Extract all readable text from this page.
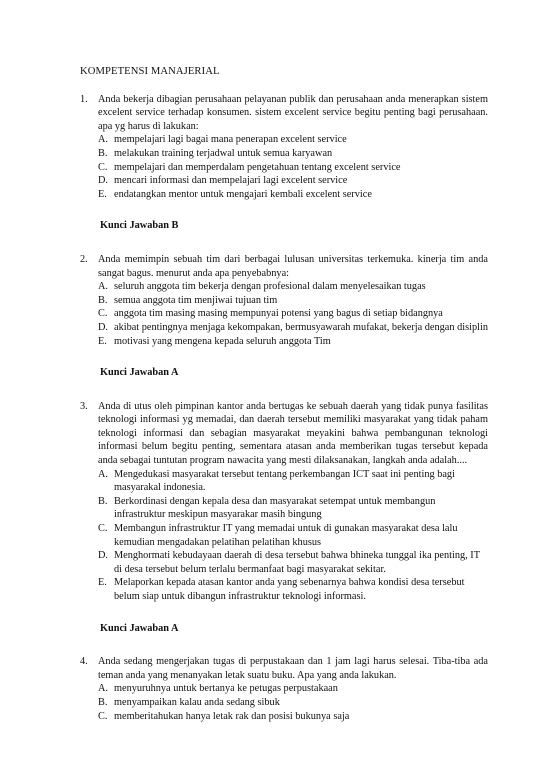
KOMPETENSI MANAJERIAL
1. Anda bekerja dibagian perusahaan pelayanan publik dan perusahaan anda menerapkan sistem excelent service terhadap konsumen. sistem excelent service begitu penting bagi perusahaan. apa yg harus di lakukan:
A. mempelajari lagi bagai mana penerapan excelent service
B. melakukan training terjadwal untuk semua karyawan
C. mempelajari dan memperdalam pengetahuan tentang excelent service
D. mencari informasi dan mempelajari lagi excelent service
E. endatangkan mentor untuk mengajari kembali excelent service
Kunci Jawaban B
2. Anda memimpin sebuah tim dari berbagai lulusan universitas terkemuka. kinerja tim anda sangat bagus. menurut anda apa penyebabnya:
A. seluruh anggota tim bekerja dengan profesional dalam menyelesaikan tugas
B. semua anggota tim menjiwai tujuan tim
C. anggota tim masing masing mempunyai potensi yang bagus di setiap bidangnya
D. akibat pentingnya menjaga kekompakan, bermusyawarah mufakat, bekerja dengan disiplin
E. motivasi yang mengena kepada seluruh anggota Tim
Kunci Jawaban A
3. Anda di utus oleh pimpinan kantor anda bertugas ke sebuah daerah yang tidak punya fasilitas teknologi informasi yg memadai, dan daerah tersebut memiliki masyarakat yang tidak paham teknologi informasi dan sebagian masyarakat meyakini bahwa pembangunan teknologi informasi belum begitu penting, sementara atasan anda memberikan tugas tersebut kepada anda sebagai tuntutan program nawacita yang mesti dilaksanakan, langkah anda adalah....
A. Mengedukasi masyarakat tersebut tentang perkembangan ICT saat ini penting bagi masyarakal indonesia.
B. Berkordinasi dengan kepala desa dan masyarakat setempat untuk membangun infrastruktur meskipun masyarakar masih bingung
C. Membangun infrastruktur IT yang memadai untuk di gunakan masyarakat desa lalu kemudian mengadakan pelatihan pelatihan khusus
D. Menghormati kebudayaan daerah di desa tersebut bahwa bhineka tunggal ika penting, IT di desa tersebut belum terlalu bermanfaat bagi masyarakat sekitar.
E. Melaporkan kepada atasan kantor anda yang sebenarnya bahwa kondisi desa tersebut belum siap untuk dibangun infrastruktur teknologi informasi.
Kunci Jawaban A
4. Anda sedang mengerjakan tugas di perpustakaan dan 1 jam lagi harus selesai. Tiba-tiba ada teman anda yang menanyakan letak suatu buku. Apa yang anda lakukan.
A. menyuruhnya untuk bertanya ke petugas perpustakaan
B. menyampaikan kalau anda sedang sibuk
C. memberitahukan hanya letak rak dan posisi bukunya saja
